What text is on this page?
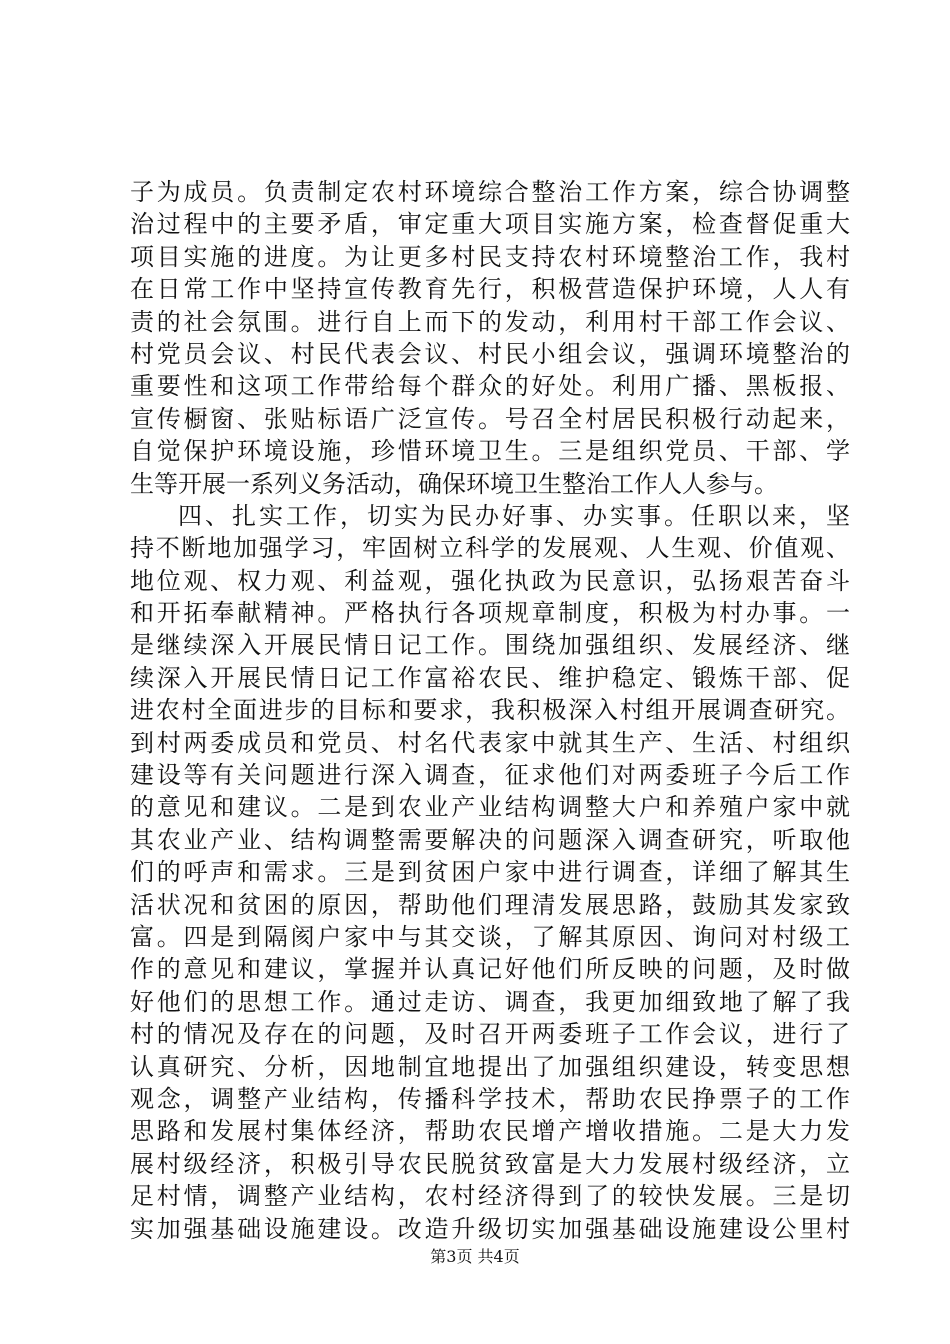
子为成员。负责制定农村环境综合整治工作方案，综合协调整
治过程中的主要矛盾，审定重大项目实施方案，检查督促重大
项目实施的进度。为让更多村民支持农村环境整治工作，我村
在日常工作中坚持宣传教育先行，积极营造保护环境，人人有
责的社会氛围。进行自上而下的发动，利用村干部工作会议、
村党员会议、村民代表会议、村民小组会议，强调环境整治的
重要性和这项工作带给每个群众的好处。利用广播、黑板报、
宣传橱窗、张贴标语广泛宣传。号召全村居民积极行动起来，
自觉保护环境设施，珍惜环境卫生。三是组织党员、干部、学
生等开展一系列义务活动，确保环境卫生整治工作人人参与。
四、扎实工作，切实为民办好事、办实事。任职以来，坚
持不断地加强学习，牢固树立科学的发展观、人生观、价值观、
地位观、权力观、利益观，强化执政为民意识，弘扬艰苦奋斗
和开拓奉献精神。严格执行各项规章制度，积极为村办事。一
是继续深入开展民情日记工作。围绕加强组织、发展经济、继
续深入开展民情日记工作富裕农民、维护稳定、锻炼干部、促
进农村全面进步的目标和要求，我积极深入村组开展调查研究。
到村两委成员和党员、村名代表家中就其生产、生活、村组织
建设等有关问题进行深入调查，征求他们对两委班子今后工作
的意见和建议。二是到农业产业结构调整大户和养殖户家中就
其农业产业、结构调整需要解决的问题深入调查研究，听取他
们的呼声和需求。三是到贫困户家中进行调查，详细了解其生
活状况和贫困的原因，帮助他们理清发展思路，鼓励其发家致
富。四是到隔阂户家中与其交谈，了解其原因、询问对村级工
作的意见和建议，掌握并认真记好他们所反映的问题，及时做
好他们的思想工作。通过走访、调查，我更加细致地了解了我
村的情况及存在的问题，及时召开两委班子工作会议，进行了
认真研究、分析，因地制宜地提出了加强组织建设，转变思想
观念，调整产业结构，传播科学技术，帮助农民挣票子的工作
思路和发展村集体经济，帮助农民增产增收措施。二是大力发
展村级经济，积极引导农民脱贫致富是大力发展村级经济，立
足村情，调整产业结构，农村经济得到了的较快发展。三是切
实加强基础设施建设。改造升级切实加强基础设施建设公里村
第3页 共4页
